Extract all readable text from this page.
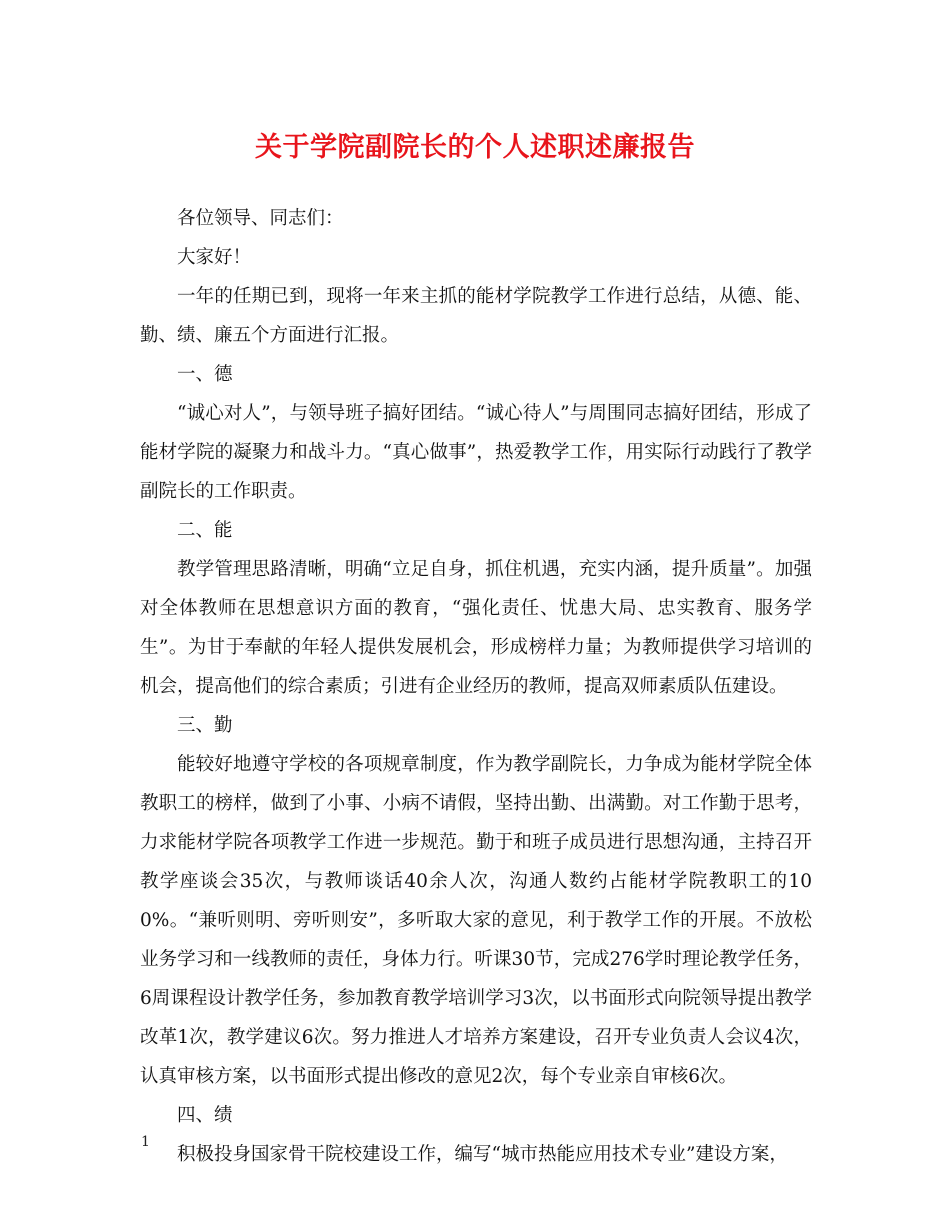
关于学院副院长的个人述职述廉报告

各位领导、同志们：

大家好！

一年的任期已到，现将一年来主抓的能材学院教学工作进行总结，从德、能、勤、绩、廉五个方面进行汇报。

一、德

“诚心对人”，与领导班子搞好团结。“诚心待人”与周围同志搞好团结，形成了能材学院的凝聚力和战斗力。“真心做事”，热爱教学工作，用实际行动践行了教学副院长的工作职责。

二、能

教学管理思路清晰，明确“立足自身，抓住机遇，充实内涵，提升质量”。加强对全体教师在思想意识方面的教育，“强化责任、忧患大局、忠实教育、服务学生”。为甘于奉献的年轻人提供发展机会，形成榜样力量；为教师提供学习培训的机会，提高他们的综合素质；引进有企业经历的教师，提高双师素质队伍建设。

三、勤

能较好地遵守学校的各项规章制度，作为教学副院长，力争成为能材学院全体教职工的榜样，做到了小事、小病不请假，坚持出勤、出满勤。对工作勤于思考，力求能材学院各项教学工作进一步规范。勤于和班子成员进行思想沟通，主持召开教学座谈会35次，与教师谈话40余人次，沟通人数约占能材学院教职工的100%。“兼听则明、旁听则安”，多听取大家的意见，利于教学工作的开展。不放松业务学习和一线教师的责任，身体力行。听课30节，完成276学时理论教学任务，6周课程设计教学任务，参加教育教学培训学习3次，以书面形式向院领导提出教学改革1次，教学建议6次。努力推进人才培养方案建设，召开专业负责人会议4次，认真审核方案，以书面形式提出修改的意见2次，每个专业亲自审核6次。

四、绩

积极投身国家骨干院校建设工作，编写“城市热能应用技术专业”建设方案，

1
